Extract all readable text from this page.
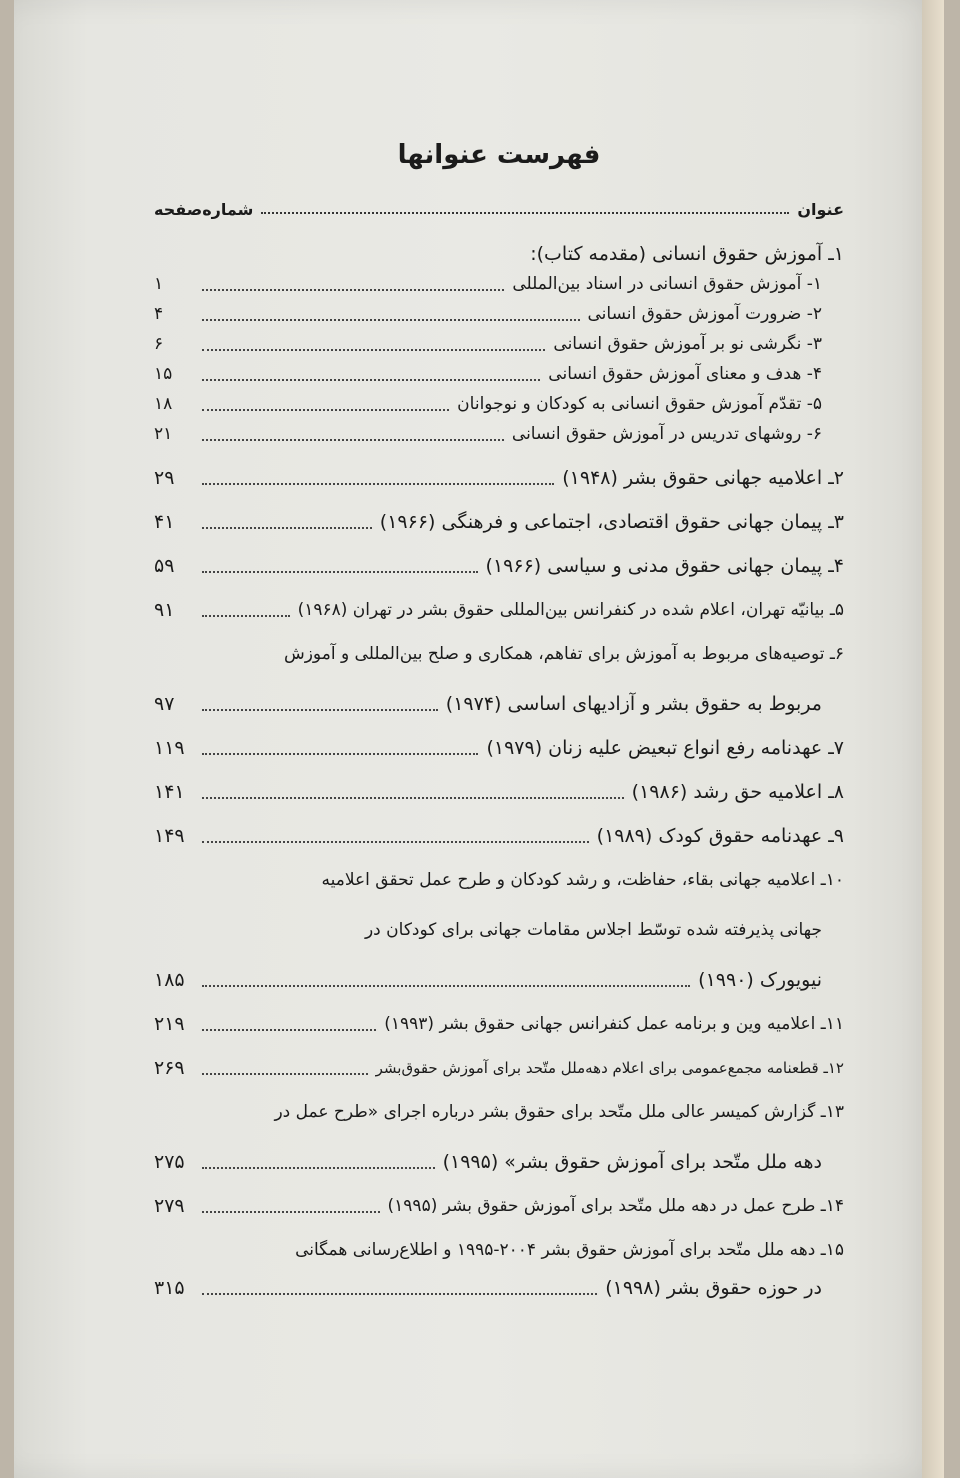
فهرست عنوانها
عنوان
شماره‌صفحه
۱ـ آموزش حقوق انسانی (مقدمه کتاب):
۱- آموزش حقوق انسانی در اسناد بین‌المللی
۱
۲- ضرورت آموزش حقوق انسانی
۴
۳- نگرشی نو بر آموزش حقوق انسانی
۶
۴- هدف و معنای آموزش حقوق انسانی
۱۵
۵- تقدّم آموزش حقوق انسانی به کودکان و نوجوانان
۱۸
۶- روشهای تدریس در آموزش حقوق انسانی
۲۱
۲ـ اعلامیه جهانی حقوق بشر (۱۹۴۸)
۲۹
۳ـ پیمان جهانی حقوق اقتصادی، اجتماعی و فرهنگی (۱۹۶۶)
۴۱
۴ـ پیمان جهانی حقوق مدنی و سیاسی (۱۹۶۶)
۵۹
۵ـ بیانیّه تهران، اعلام شده در کنفرانس بین‌المللی حقوق بشر در تهران (۱۹۶۸)
۹۱
۶ـ توصیه‌های مربوط به آموزش برای تفاهم، همکاری و صلح بین‌المللی و آموزش
مربوط به حقوق بشر و آزادیهای اساسی (۱۹۷۴)
۹۷
۷ـ عهدنامه رفع انواع تبعیض علیه زنان (۱۹۷۹)
۱۱۹
۸ـ اعلامیه حق رشد (۱۹۸۶)
۱۴۱
۹ـ عهدنامه حقوق کودک (۱۹۸۹)
۱۴۹
۱۰ـ اعلامیه جهانی بقاء، حفاظت، و رشد کودکان و طرح عمل تحقق اعلامیه
جهانی پذیرفته شده توسّط اجلاس مقامات جهانی برای کودکان در
نیویورک (۱۹۹۰)
۱۸۵
۱۱ـ اعلامیه وین و برنامه عمل کنفرانس جهانی حقوق بشر (۱۹۹۳)
۲۱۹
۱۲ـ قطعنامه مجمع‌عمومی برای اعلام دهه‌ملل متّحد برای آموزش حقوق‌بشر
۲۶۹
۱۳ـ گزارش کمیسر عالی ملل متّحد برای حقوق بشر درباره اجرای «طرح عمل در
دهه ملل متّحد برای آموزش حقوق بشر» (۱۹۹۵)
۲۷۵
۱۴ـ طرح عمل در دهه ملل متّحد برای آموزش حقوق بشر (۱۹۹۵)
۲۷۹
۱۵ـ دهه ملل متّحد برای آموزش حقوق بشر ۲۰۰۴-۱۹۹۵ و اطلاع‌رسانی همگانی
در حوزه حقوق بشر (۱۹۹۸)
۳۱۵
